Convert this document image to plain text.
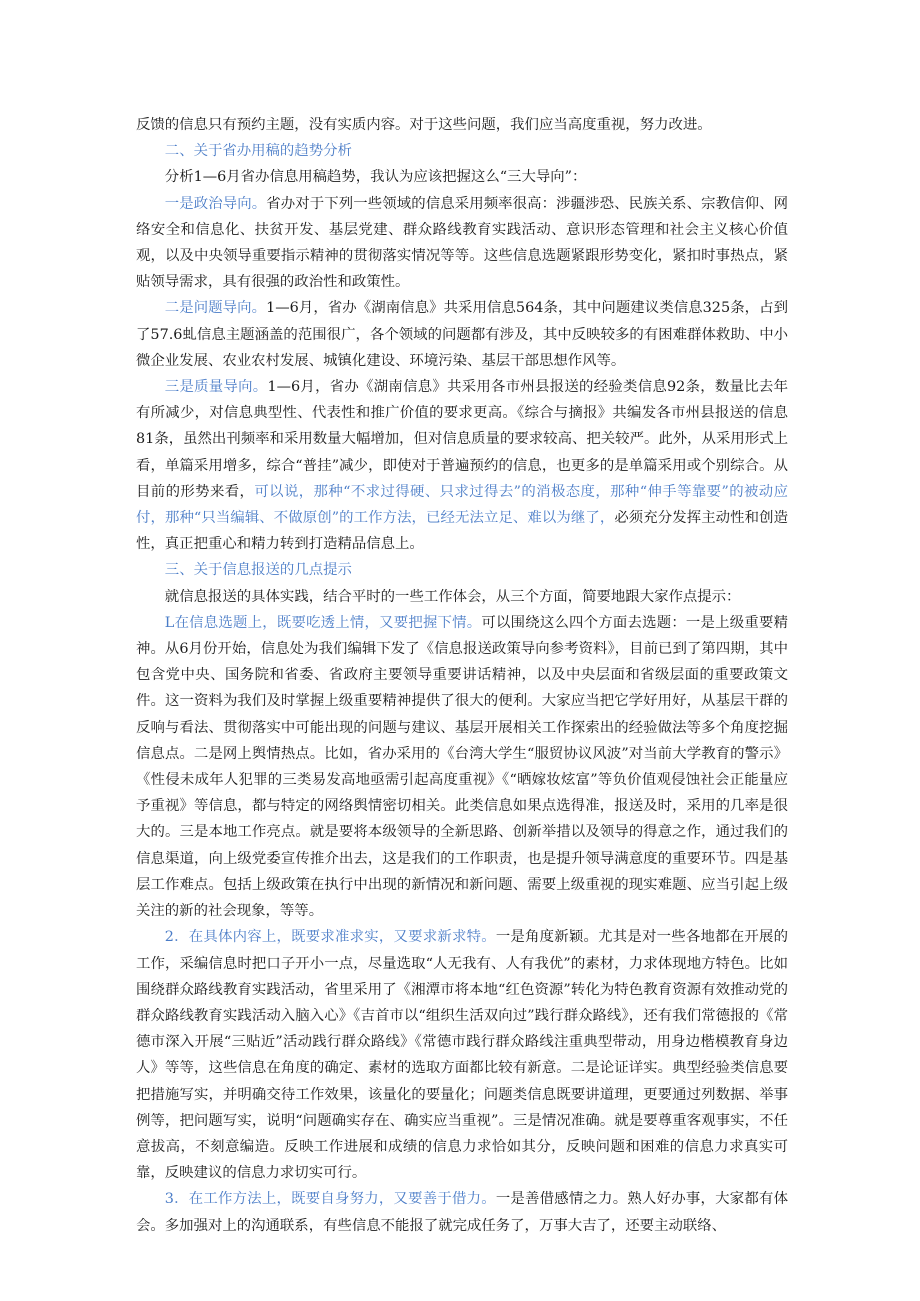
反馈的信息只有预约主题，没有实质内容。对于这些问题，我们应当高度重视，努力改进。

二、关于省办用稿的趋势分析

分析1—6月省办信息用稿趋势，我认为应该把握这么“三大导向”：

一是政治导向。省办对于下列一些领域的信息采用频率很高：涉疆涉恐、民族关系、宗教信仰、网络安全和信息化、扶贫开发、基层党建、群众路线教育实践活动、意识形态管理和社会主义核心价值观，以及中央领导重要指示精神的贯彻落实情况等等。这些信息选题紧跟形势变化，紧扣时事热点，紧贴领导需求，具有很强的政治性和政策性。

二是问题导向。1—6月，省办《湖南信息》共采用信息564条，其中问题建议类信息325条，占到了57.6虬信息主题涵盖的范围很广，各个领域的问题都有涉及，其中反映较多的有困难群体救助、中小微企业发展、农业农村发展、城镇化建设、环境污染、基层干部思想作风等。

三是质量导向。1—6月，省办《湖南信息》共采用各市州县报送的经验类信息92条，数量比去年有所减少，对信息典型性、代表性和推广价值的要求更高。《综合与摘报》共编发各市州县报送的信息81条，虽然出刊频率和采用数量大幅增加，但对信息质量的要求较高、把关较严。此外，从采用形式上看，单篇采用增多，综合“普挂”减少，即使对于普遍预约的信息，也更多的是单篇采用或个别综合。从目前的形势来看，可以说，那种“不求过得硬、只求过得去”的消极态度，那种“伸手等靠要”的被动应付，那种“只当编辑、不做原创”的工作方法，已经无法立足、难以为继了，必须充分发挥主动性和创造性，真正把重心和精力转到打造精品信息上。

三、关于信息报送的几点提示

就信息报送的具体实践，结合平时的一些工作体会，从三个方面，简要地跟大家作点提示：

L在信息选题上，既要吃透上情，又要把握下情。可以围绕这么四个方面去选题：一是上级重要精神。从6月份开始，信息处为我们编辑下发了《信息报送政策导向参考资料》，目前已到了第四期，其中包含党中央、国务院和省委、省政府主要领导重要讲话精神，以及中央层面和省级层面的重要政策文件。这一资料为我们及时掌握上级重要精神提供了很大的便利。大家应当把它学好用好，从基层干群的反响与看法、贯彻落实中可能出现的问题与建议、基层开展相关工作探索出的经验做法等多个角度挖掘信息点。二是网上舆情热点。比如，省办采用的《台湾大学生“服贸协议风波”对当前大学教育的警示》《性侵未成年人犯罪的三类易发高地亟需引起高度重视》《“晒嫁妆炫富”等负价值观侵蚀社会正能量应予重视》等信息，都与特定的网络舆情密切相关。此类信息如果点选得准，报送及时，采用的几率是很大的。三是本地工作亮点。就是要将本级领导的全新思路、创新举措以及领导的得意之作，通过我们的信息渠道，向上级党委宣传推介出去，这是我们的工作职责，也是提升领导满意度的重要环节。四是基层工作难点。包括上级政策在执行中出现的新情况和新问题、需要上级重视的现实难题、应当引起上级关注的新的社会现象，等等。

2．在具体内容上，既要求准求实，又要求新求特。一是角度新颖。尤其是对一些各地都在开展的工作，采编信息时把口子开小一点，尽量选取“人无我有、人有我优”的素材，力求体现地方特色。比如围绕群众路线教育实践活动，省里采用了《湘潭市将本地“红色资源”转化为特色教育资源有效推动党的群众路线教育实践活动入脑入心》《吉首市以“组织生活双向过”践行群众路线》，还有我们常德报的《常德市深入开展“三贴近”活动践行群众路线》《常德市践行群众路线注重典型带动，用身边楷模教育身边人》等等，这些信息在角度的确定、素材的选取方面都比较有新意。二是论证详实。典型经验类信息要把措施写实，并明确交待工作效果，该量化的要量化；问题类信息既要讲道理，更要通过列数据、举事例等，把问题写实，说明“问题确实存在、确实应当重视”。三是情况准确。就是要尊重客观事实，不任意拔高，不刻意编造。反映工作进展和成绩的信息力求恰如其分，反映问题和困难的信息力求真实可靠，反映建议的信息力求切实可行。

3．在工作方法上，既要自身努力，又要善于借力。一是善借感情之力。熟人好办事，大家都有体会。多加强对上的沟通联系，有些信息不能报了就完成任务了，万事大吉了，还要主动联络、
